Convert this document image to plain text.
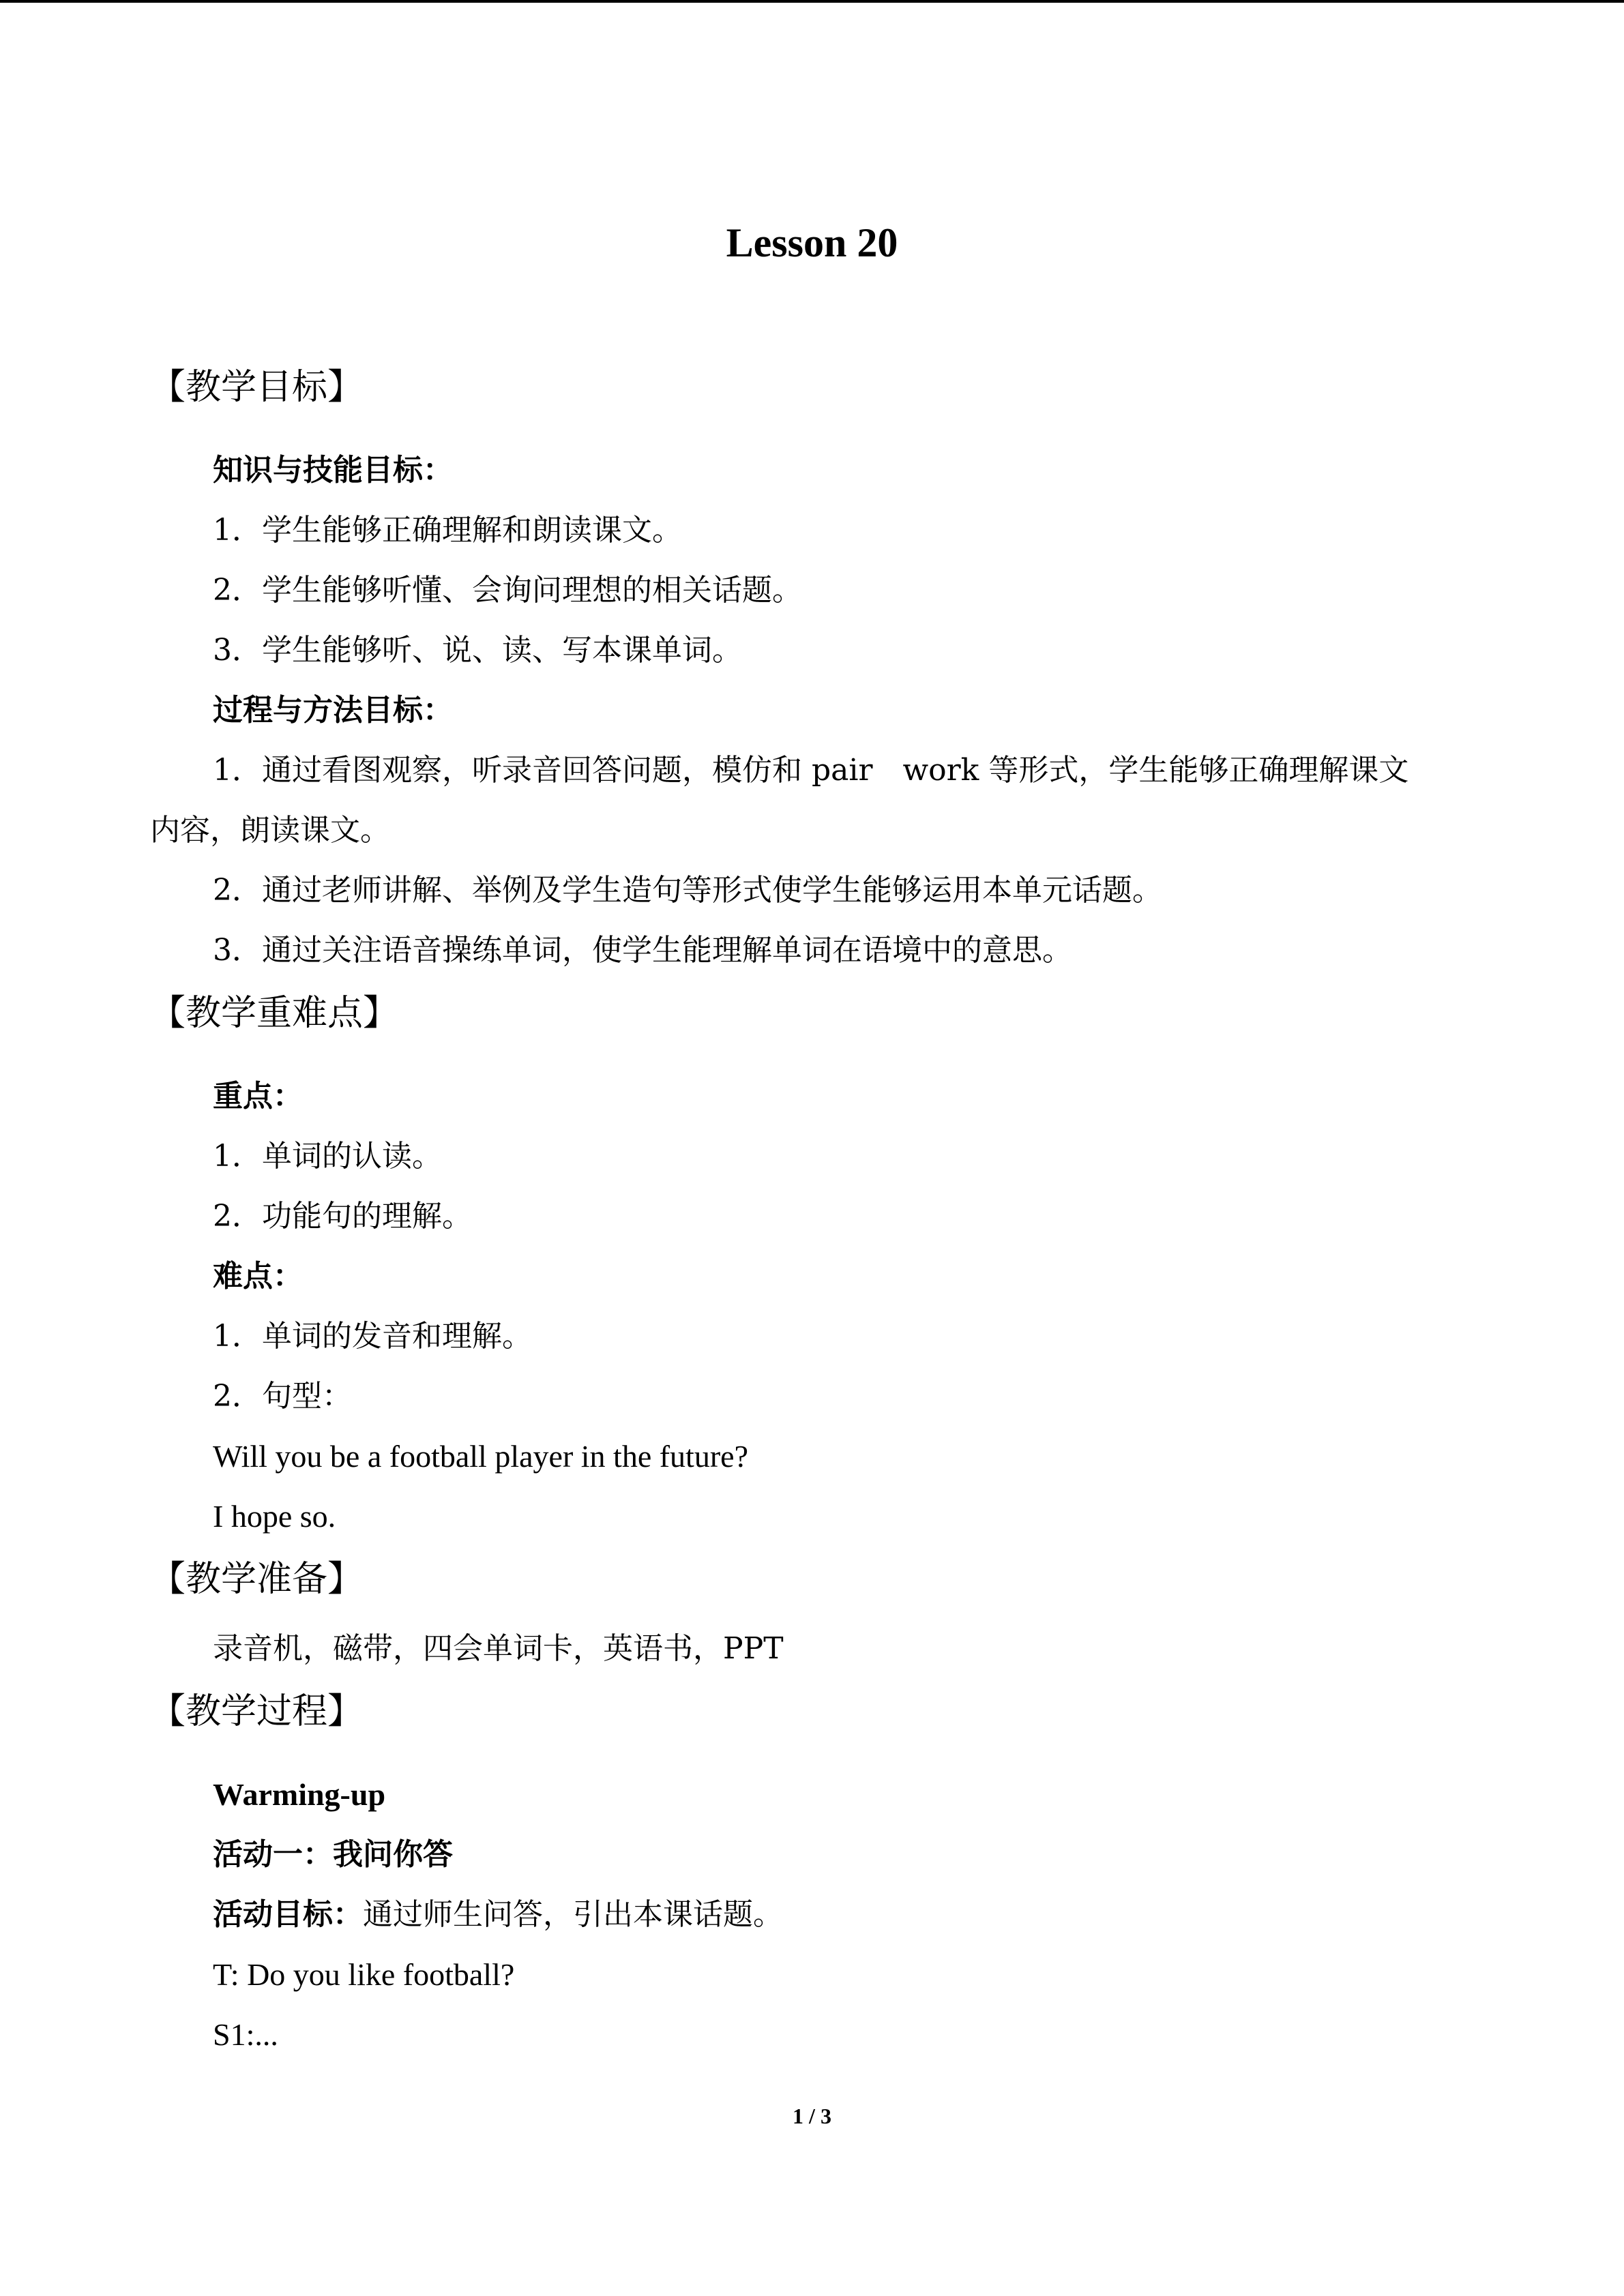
Lesson 20
【教学目标】
知识与技能目标：
1．学生能够正确理解和朗读课文。
2．学生能够听懂、会询问理想的相关话题。
3．学生能够听、说、读、写本课单词。
过程与方法目标：
1．通过看图观察，听录音回答问题，模仿和 pair　work 等形式，学生能够正确理解课文
内容，朗读课文。
2．通过老师讲解、举例及学生造句等形式使学生能够运用本单元话题。
3．通过关注语音操练单词，使学生能理解单词在语境中的意思。
【教学重难点】
重点：
1．单词的认读。
2．功能句的理解。
难点：
1．单词的发音和理解。
2．句型：
Will you be a football player in the future?
I hope so.
【教学准备】
录音机，磁带，四会单词卡，英语书，PPT
【教学过程】
Warming-up
活动一：我问你答
活动目标：通过师生问答，引出本课话题。
T: Do you like football?
S1:...
1 / 3
